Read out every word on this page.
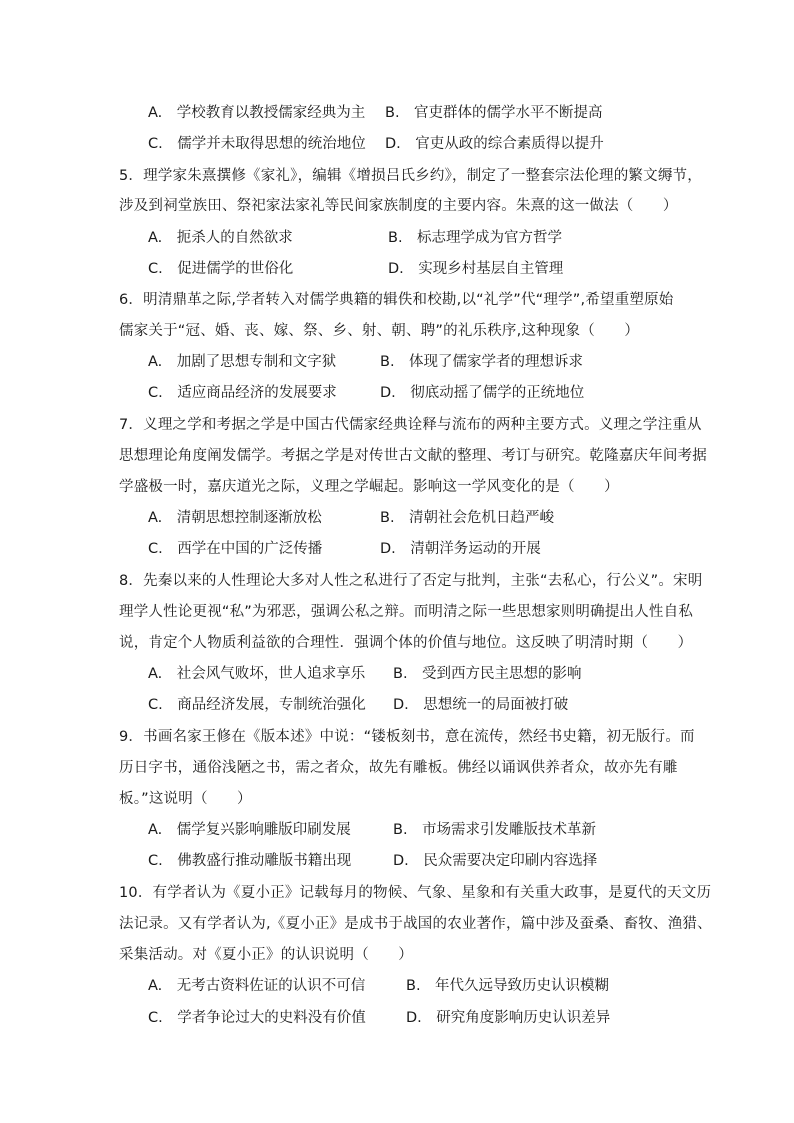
A.　学校教育以教授儒家经典为主 B.　官吏群体的儒学水平不断提高
C.　儒学并未取得思想的统治地位 D.　官吏从政的综合素质得以提升
5．理学家朱熹撰修《家礼》，编辑《增损吕氏乡约》，制定了一整套宗法伦理的繁文缛节，
涉及到祠堂族田、祭祀家法家礼等民间家族制度的主要内容。朱熹的这一做法（　　）
A.　扼杀人的自然欲求	B.　标志理学成为官方哲学
C.　促进儒学的世俗化	D.　实现乡村基层自主管理
6．明清鼎革之际,学者转入对儒学典籍的辑佚和校勘,以“礼学”代“理学”,希望重塑原始
儒家关于“冠、婚、丧、嫁、祭、乡、射、朝、聘”的礼乐秩序,这种现象（　　）
A.　加剧了思想专制和文字狱	B.　体现了儒家学者的理想诉求
C.　适应商品经济的发展要求	D.　彻底动摇了儒学的正统地位
7．义理之学和考据之学是中国古代儒家经典诠释与流布的两种主要方式。义理之学注重从
思想理论角度阐发儒学。考据之学是对传世古文献的整理、考订与研究。乾隆嘉庆年间考据
学盛极一时，嘉庆道光之际，义理之学崛起。影响这一学风变化的是（　　）
A.　清朝思想控制逐渐放松	B.　清朝社会危机日趋严峻
C.　西学在中国的广泛传播	D.　清朝洋务运动的开展
8．先秦以来的人性理论大多对人性之私进行了否定与批判，主张“去私心，行公义”。宋明
理学人性论更视“私”为邪恶，强调公私之辩。而明清之际一些思想家则明确提出人性自私
说，肯定个人物质利益欲的合理性．强调个体的价值与地位。这反映了明清时期（　　）
A.　社会风气败坏，世人追求享乐 B.　受到西方民主思想的影响
C.　商品经济发展，专制统治强化 D.　思想统一的局面被打破
9．书画名家王修在《版本述》中说：“镂板刻书，意在流传，然经书史籍，初无版行。而
历日字书，通俗浅陋之书，需之者众，故先有雕板。佛经以诵讽供养者众，故亦先有雕
板。”这说明（　　）
A.　儒学复兴影响雕版印刷发展	B.　市场需求引发雕版技术革新
C.　佛教盛行推动雕版书籍出现	D.　民众需要决定印刷内容选择
10．有学者认为《夏小正》记载每月的物候、气象、星象和有关重大政事，是夏代的天文历
法记录。又有学者认为,《夏小正》是成书于战国的农业著作，篇中涉及蚕桑、畜牧、渔猎、
采集活动。对《夏小正》的认识说明（　　）
A.　无考古资料佐证的认识不可信	B.　年代久远导致历史认识模糊
C.　学者争论过大的史料没有价值	D.　研究角度影响历史认识差异
